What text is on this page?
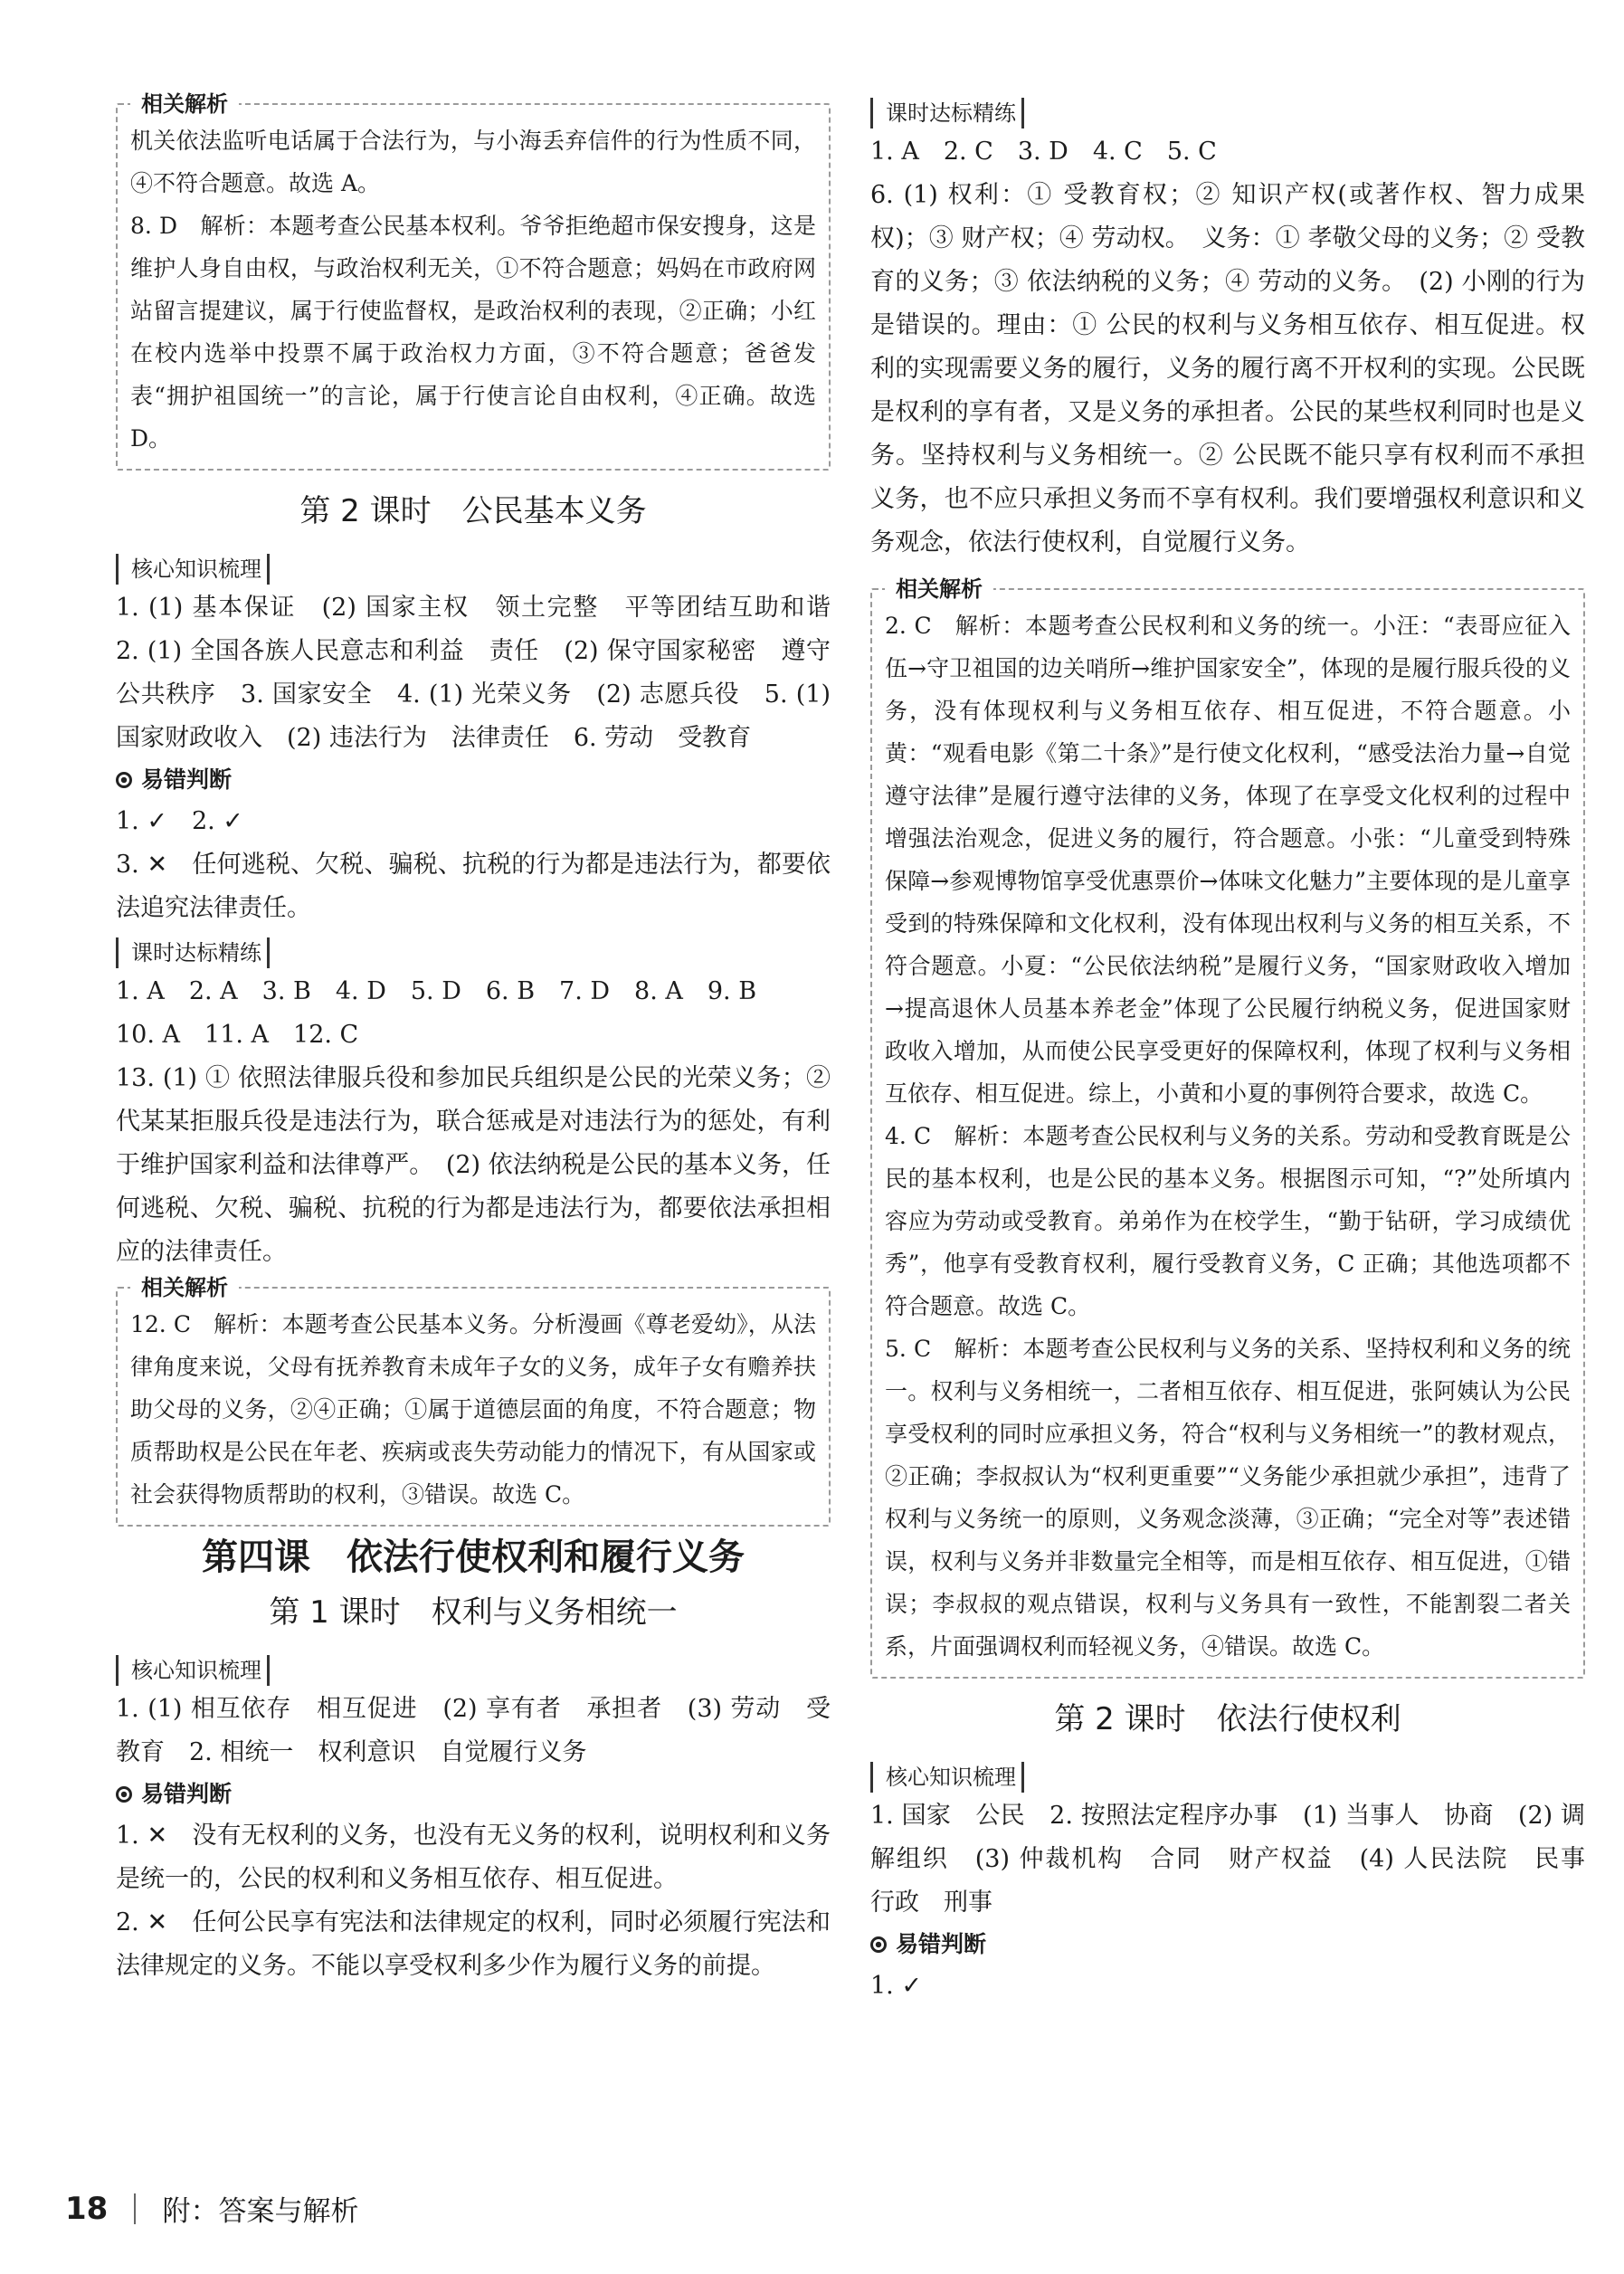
相关解析

机关依法监听电话属于合法行为，与小海丢弃信件的行为性质不同，④不符合题意。故选 A。

8. D　解析：本题考查公民基本权利。爷爷拒绝超市保安搜身，这是维护人身自由权，与政治权利无关，①不符合题意；妈妈在市政府网站留言提建议，属于行使监督权，是政治权利的表现，②正确；小红在校内选举中投票不属于政治权力方面，③不符合题意；爸爸发表“拥护祖国统一”的言论，属于行使言论自由权利，④正确。故选 D。

第 2 课时　公民基本义务
核心知识梳理

1. (1) 基本保证　(2) 国家主权　领土完整　平等团结互助和谐　2. (1) 全国各族人民意志和利益　责任　(2) 保守国家秘密　遵守公共秩序　3. 国家安全　4. (1) 光荣义务　(2) 志愿兵役　5. (1) 国家财政收入　(2) 违法行为　法律责任　6. 劳动　受教育

易错判断

1. ✓　2. ✓

3. ✕　任何逃税、欠税、骗税、抗税的行为都是违法行为，都要依法追究法律责任。

课时达标精练

1. A　2. A　3. B　4. D　5. D　6. B　7. D　8. A　9. B

10. A　11. A　12. C

13. (1) ① 依照法律服兵役和参加民兵组织是公民的光荣义务；② 代某某拒服兵役是违法行为，联合惩戒是对违法行为的惩处，有利于维护国家利益和法律尊严。　(2) 依法纳税是公民的基本义务，任何逃税、欠税、骗税、抗税的行为都是违法行为，都要依法承担相应的法律责任。

相关解析

12. C　解析：本题考查公民基本义务。分析漫画《尊老爱幼》，从法律角度来说，父母有抚养教育未成年子女的义务，成年子女有赡养扶助父母的义务，②④正确；①属于道德层面的角度，不符合题意；物质帮助权是公民在年老、疾病或丧失劳动能力的情况下，有从国家或社会获得物质帮助的权利，③错误。故选 C。

第四课　依法行使权利和履行义务
第 1 课时　权利与义务相统一
核心知识梳理

1. (1) 相互依存　相互促进　(2) 享有者　承担者　(3) 劳动　受教育　2. 相统一　权利意识　自觉履行义务

易错判断

1. ✕　没有无权利的义务，也没有无义务的权利，说明权利和义务是统一的，公民的权利和义务相互依存、相互促进。

2. ✕　任何公民享有宪法和法律规定的权利，同时必须履行宪法和法律规定的义务。不能以享受权利多少作为履行义务的前提。

课时达标精练

1. A　2. C　3. D　4. C　5. C

6. (1) 权利：① 受教育权；② 知识产权(或著作权、智力成果权)；③ 财产权；④ 劳动权。　义务：① 孝敬父母的义务；② 受教育的义务；③ 依法纳税的义务；④ 劳动的义务。　(2) 小刚的行为是错误的。理由：① 公民的权利与义务相互依存、相互促进。权利的实现需要义务的履行，义务的履行离不开权利的实现。公民既是权利的享有者，又是义务的承担者。公民的某些权利同时也是义务。坚持权利与义务相统一。② 公民既不能只享有权利而不承担义务，也不应只承担义务而不享有权利。我们要增强权利意识和义务观念，依法行使权利，自觉履行义务。

相关解析

2. C　解析：本题考查公民权利和义务的统一。小汪：“表哥应征入伍→守卫祖国的边关哨所→维护国家安全”，体现的是履行服兵役的义务，没有体现权利与义务相互依存、相互促进，不符合题意。小黄：“观看电影《第二十条》”是行使文化权利，“感受法治力量→自觉遵守法律”是履行遵守法律的义务，体现了在享受文化权利的过程中增强法治观念，促进义务的履行，符合题意。小张：“儿童受到特殊保障→参观博物馆享受优惠票价→体味文化魅力”主要体现的是儿童享受到的特殊保障和文化权利，没有体现出权利与义务的相互关系，不符合题意。小夏：“公民依法纳税”是履行义务，“国家财政收入增加→提高退休人员基本养老金”体现了公民履行纳税义务，促进国家财政收入增加，从而使公民享受更好的保障权利，体现了权利与义务相互依存、相互促进。综上，小黄和小夏的事例符合要求，故选 C。

4. C　解析：本题考查公民权利与义务的关系。劳动和受教育既是公民的基本权利，也是公民的基本义务。根据图示可知，“?”处所填内容应为劳动或受教育。弟弟作为在校学生，“勤于钻研，学习成绩优秀”，他享有受教育权利，履行受教育义务，C 正确；其他选项都不符合题意。故选 C。

5. C　解析：本题考查公民权利与义务的关系、坚持权利和义务的统一。权利与义务相统一，二者相互依存、相互促进，张阿姨认为公民享受权利的同时应承担义务，符合“权利与义务相统一”的教材观点，②正确；李叔叔认为“权利更重要”“义务能少承担就少承担”，违背了权利与义务统一的原则，义务观念淡薄，③正确；“完全对等”表述错误，权利与义务并非数量完全相等，而是相互依存、相互促进，①错误；李叔叔的观点错误，权利与义务具有一致性，不能割裂二者关系，片面强调权利而轻视义务，④错误。故选 C。

第 2 课时　依法行使权利
核心知识梳理

1. 国家　公民　2. 按照法定程序办事　(1) 当事人　协商　(2) 调解组织　(3) 仲裁机构　合同　财产权益　(4) 人民法院　民事　行政　刑事

易错判断

1. ✓

18 附：答案与解析
